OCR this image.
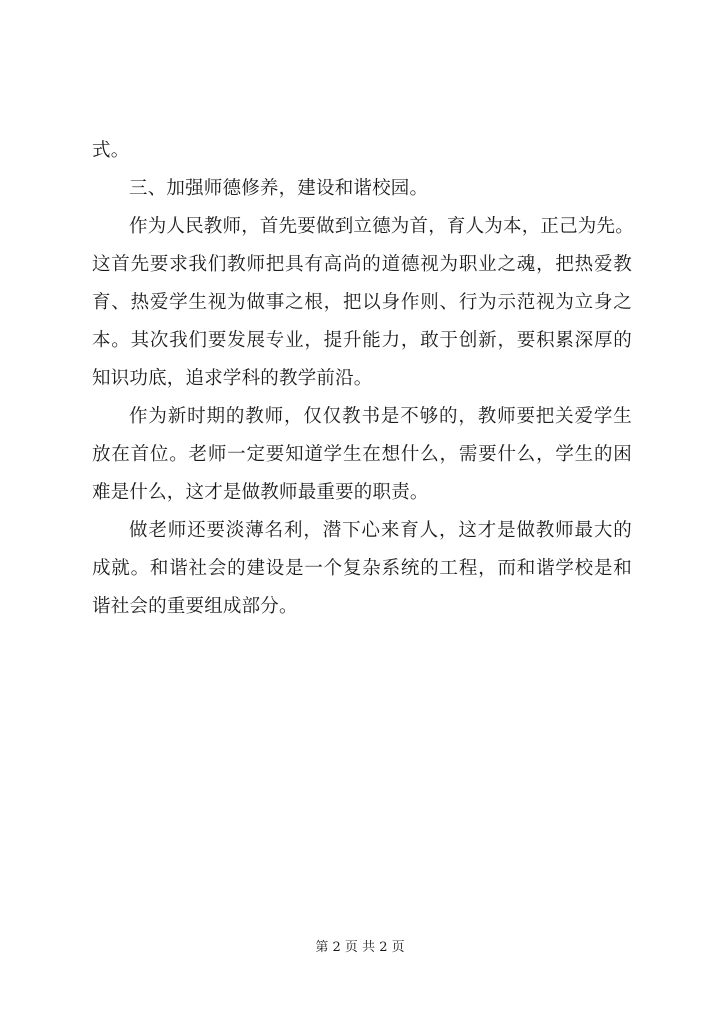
式。
三、加强师德修养，建设和谐校园。
作为人民教师，首先要做到立德为首，育人为本，正己为先。
这首先要求我们教师把具有高尚的道德视为职业之魂，把热爱教
育、热爱学生视为做事之根，把以身作则、行为示范视为立身之
本。其次我们要发展专业，提升能力，敢于创新，要积累深厚的
知识功底，追求学科的教学前沿。
作为新时期的教师，仅仅教书是不够的，教师要把关爱学生
放在首位。老师一定要知道学生在想什么，需要什么，学生的困
难是什么，这才是做教师最重要的职责。
做老师还要淡薄名利，潜下心来育人，这才是做教师最大的
成就。和谐社会的建设是一个复杂系统的工程，而和谐学校是和
谐社会的重要组成部分。
第 2 页 共 2 页
